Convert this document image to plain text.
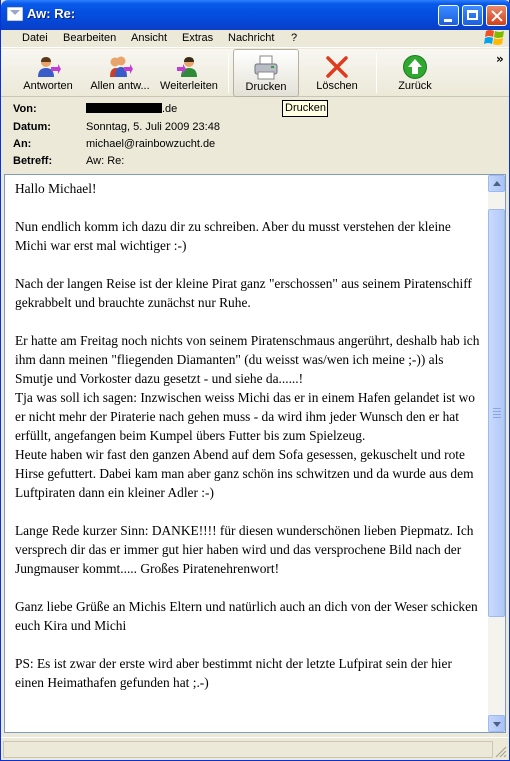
Aw: Re:
Datei Bearbeiten Ansicht Extras Nachricht ?
Antworten	Allen antw... Weiterleiten	Drucken	Löschen	Zurück
»
Drucken
Von:	.de
Datum:	Sonntag, 5. Juli 2009 23:48
An:	michael@rainbowzucht.de
Betreff:	Aw: Re:

Hallo Michael!

Nun endlich komm ich dazu dir zu schreiben. Aber du musst verstehen der kleine Michi war erst mal wichtiger :-)

Nach der langen Reise ist der kleine Pirat ganz "erschossen" aus seinem Piratenschiff gekrabbelt und brauchte zunächst nur Ruhe.

Er hatte am Freitag noch nichts von seinem Piratenschmaus angerührt, deshalb hab ich ihm dann meinen "fliegenden Diamanten" (du weisst was/wen ich meine ;-)) als Smutje und Vorkoster dazu gesetzt - und siehe da......!

Tja was soll ich sagen: Inzwischen weiss Michi das er in einem Hafen gelandet ist wo er nicht mehr der Piraterie nach gehen muss - da wird ihm jeder Wunsch den er hat erfüllt, angefangen beim Kumpel übers Futter bis zum Spielzeug.

Heute haben wir fast den ganzen Abend auf dem Sofa gesessen, gekuschelt und rote Hirse gefuttert. Dabei kam man aber ganz schön ins schwitzen und da wurde aus dem Luftpiraten dann ein kleiner Adler :-)

Lange Rede kurzer Sinn: DANKE!!!! für diesen wunderschönen lieben Piepmatz. Ich versprech dir das er immer gut hier haben wird und das versprochene Bild nach der Jungmauser kommt..... Großes Piratenehrenwort!

Ganz liebe Grüße an Michis Eltern und natürlich auch an dich von der Weser schicken euch Kira und Michi

PS: Es ist zwar der erste wird aber bestimmt nicht der letzte Lufpirat sein der hier einen Heimathafen gefunden hat ;.-)
